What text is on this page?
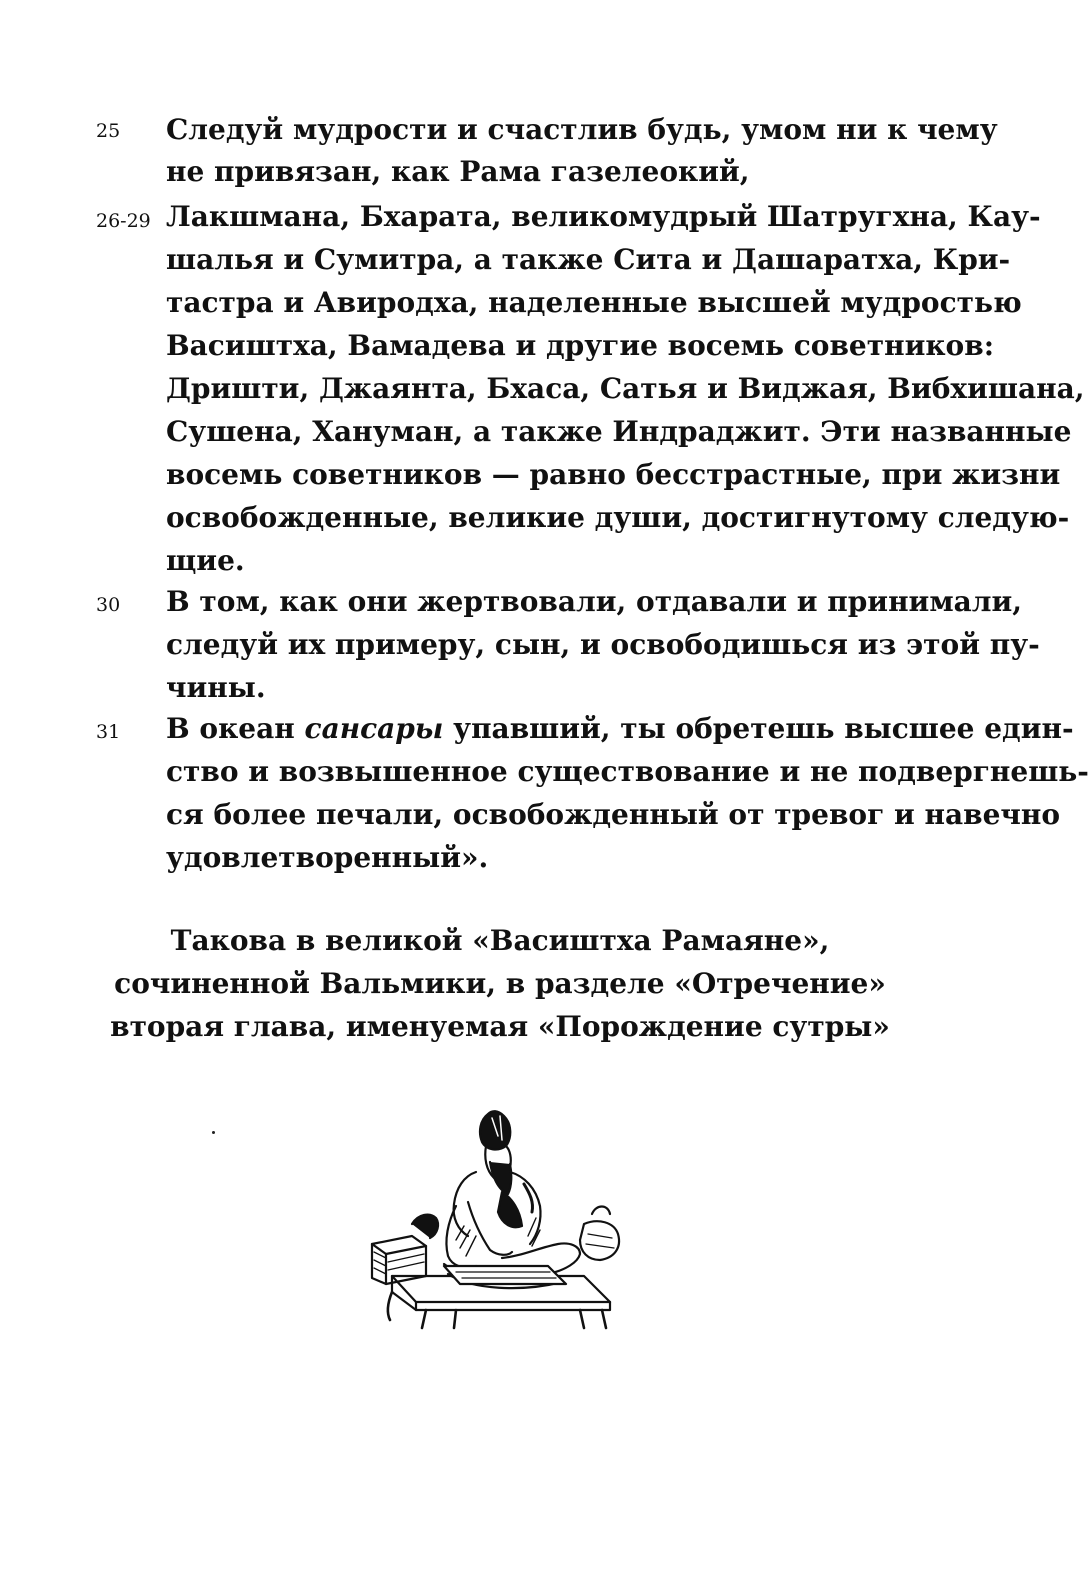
25 Следуй мудрости и счастлив будь, умом ни к чему
не привязан, как Рама газелеокий,
26-29 Лакшмана, Бхарата, великомудрый Шатругхна, Кау-
шалья и Сумитра, а также Сита и Дашаратха, Кри-
тастра и Авиродха, наделенные высшей мудростью
Васиштха, Вамадева и другие восемь советников:
Дришти, Джаянта, Бхаса, Сатья и Виджая, Вибхишана,
Сушена, Хануман, а также Индраджит. Эти названные
восемь советников — равно бесстрастные, при жизни
освобожденные, великие души, достигнутому следую-
щие.
30 В том, как они жертвовали, отдавали и принимали,
следуй их примеру, сын, и освободишься из этой пу-
чины.
31 В океан сансары упавший, ты обретешь высшее един-
ство и возвышенное существование и не подвергнешь-
ся более печали, освобожденный от тревог и навечно
удовлетворенный».
Такова в великой «Васиштха Рамаяне»,
сочиненной Вальмики, в разделе «Отречение»
вторая глава, именуемая «Порождение сутры»
